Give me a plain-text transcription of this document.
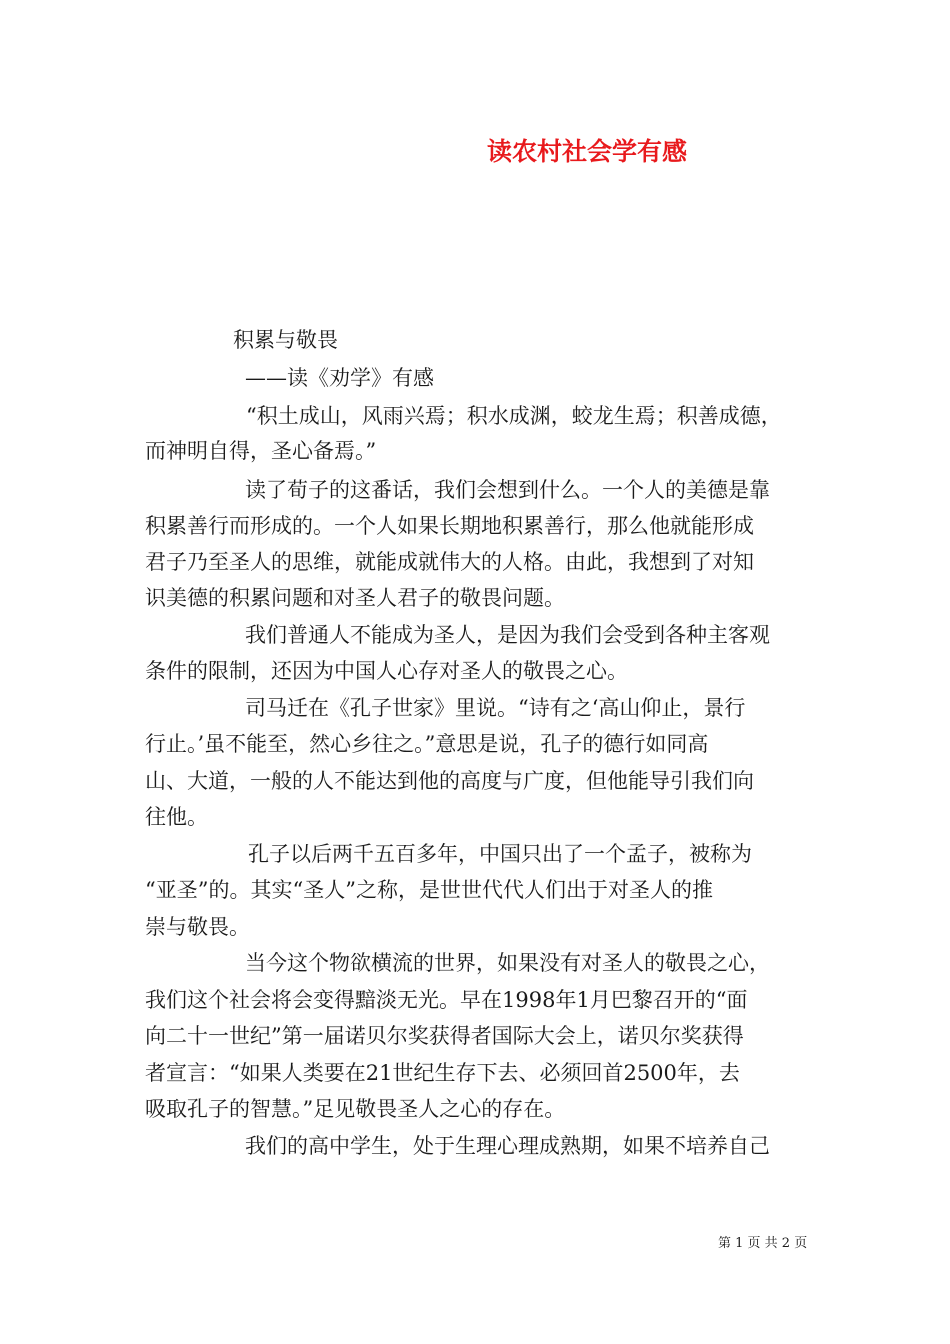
读农村社会学有感
积累与敬畏
——读《劝学》有感
“积土成山，风雨兴焉；积水成渊，蛟龙生焉；积善成德，
而神明自得，圣心备焉。”
读了荀子的这番话，我们会想到什么。一个人的美德是靠
积累善行而形成的。一个人如果长期地积累善行，那么他就能形成
君子乃至圣人的思维，就能成就伟大的人格。由此，我想到了对知
识美德的积累问题和对圣人君子的敬畏问题。
我们普通人不能成为圣人，是因为我们会受到各种主客观
条件的限制，还因为中国人心存对圣人的敬畏之心。
司马迁在《孔子世家》里说。“诗有之‘高山仰止，景行
行止。’虽不能至，然心乡往之。”意思是说，孔子的德行如同高
山、大道，一般的人不能达到他的高度与广度，但他能导引我们向
往他。
孔子以后两千五百多年，中国只出了一个孟子，被称为
“亚圣”的。其实“圣人”之称，是世世代代人们出于对圣人的推
崇与敬畏。
当今这个物欲横流的世界，如果没有对圣人的敬畏之心，
我们这个社会将会变得黯淡无光。早在1998年1月巴黎召开的“面
向二十一世纪”第一届诺贝尔奖获得者国际大会上，诺贝尔奖获得
者宣言：“如果人类要在21世纪生存下去、必须回首2500年，去
吸取孔子的智慧。”足见敬畏圣人之心的存在。
我们的高中学生，处于生理心理成熟期，如果不培养自己
第 1 页 共 2 页
